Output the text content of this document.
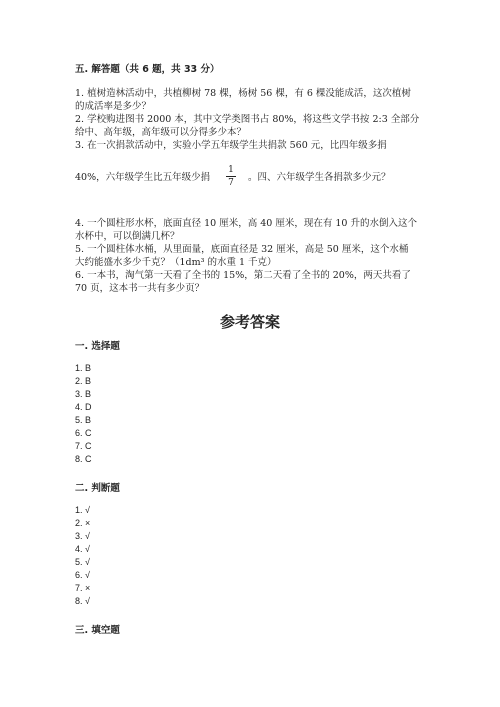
五. 解答题（共 6 题，共 33 分）
1. 植树造林活动中，共植柳树 78 棵，杨树 56 棵，有 6 棵没能成活，这次植树
的成活率是多少？
2. 学校购进图书 2000 本，其中文学类图书占 80%，将这些文学书按 2:3 全部分
给中、高年级，高年级可以分得多少本？
3. 在一次捐款活动中，实验小学五年级学生共捐款 560 元，比四年级多捐
40%，六年级学生比五年级少捐
1
7 。四、六年级学生各捐款多少元？
4. 一个圆柱形水杯，底面直径 10 厘米，高 40 厘米，现在有 10 升的水倒入这个
水杯中，可以倒满几杯？
5. 一个圆柱体水桶，从里面量，底面直径是 32 厘米，高是 50 厘米，这个水桶
大约能盛水多少千克？（1dm³ 的水重 1 千克）
6. 一本书，淘气第一天看了全书的 15%，第二天看了全书的 20%，两天共看了
70 页，这本书一共有多少页？
参考答案
一. 选择题
1. B
2. B
3. B
4. D
5. B
6. C
7. C
8. C
二. 判断题
1. √
2. ×
3. √
4. √
5. √
6. √
7. ×
8. √
三. 填空题
